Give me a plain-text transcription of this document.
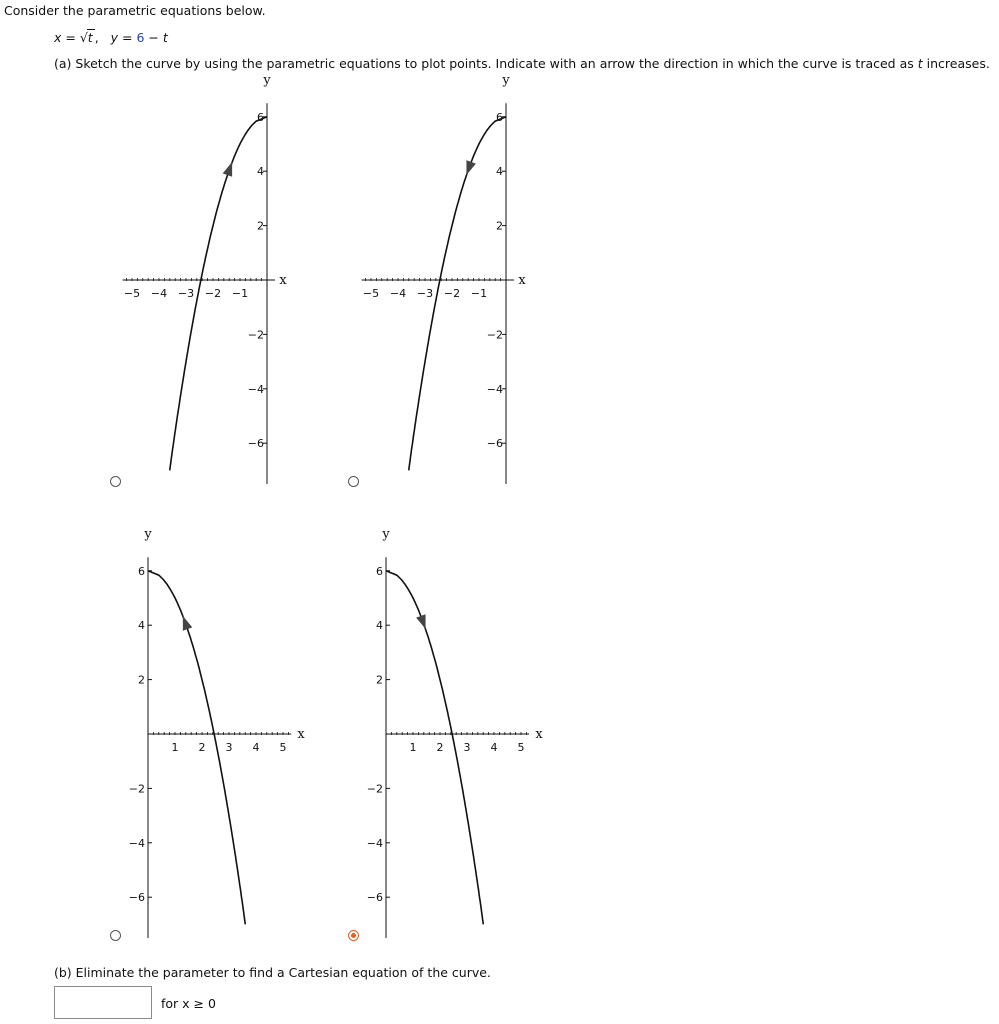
Consider the parametric equations below.
x = √t , y = 6 − t
(a) Sketch the curve by using the parametric equations to plot points. Indicate with an arrow the direction in which the curve is traced as t increases.
6
4
2
−2
−4
−6
−5 −4 −3 −2 −1
x
y
6
4
2
−2
−4
−6
−5 −4 −3 −2 −1
x
y
6
4
2
−2
−4
−6
1 2 3 4 5
x
y
6
4
2
−2
−4
−6
1 2 3 4 5
x
y
(b) Eliminate the parameter to find a Cartesian equation of the curve.
for x ≥ 0
